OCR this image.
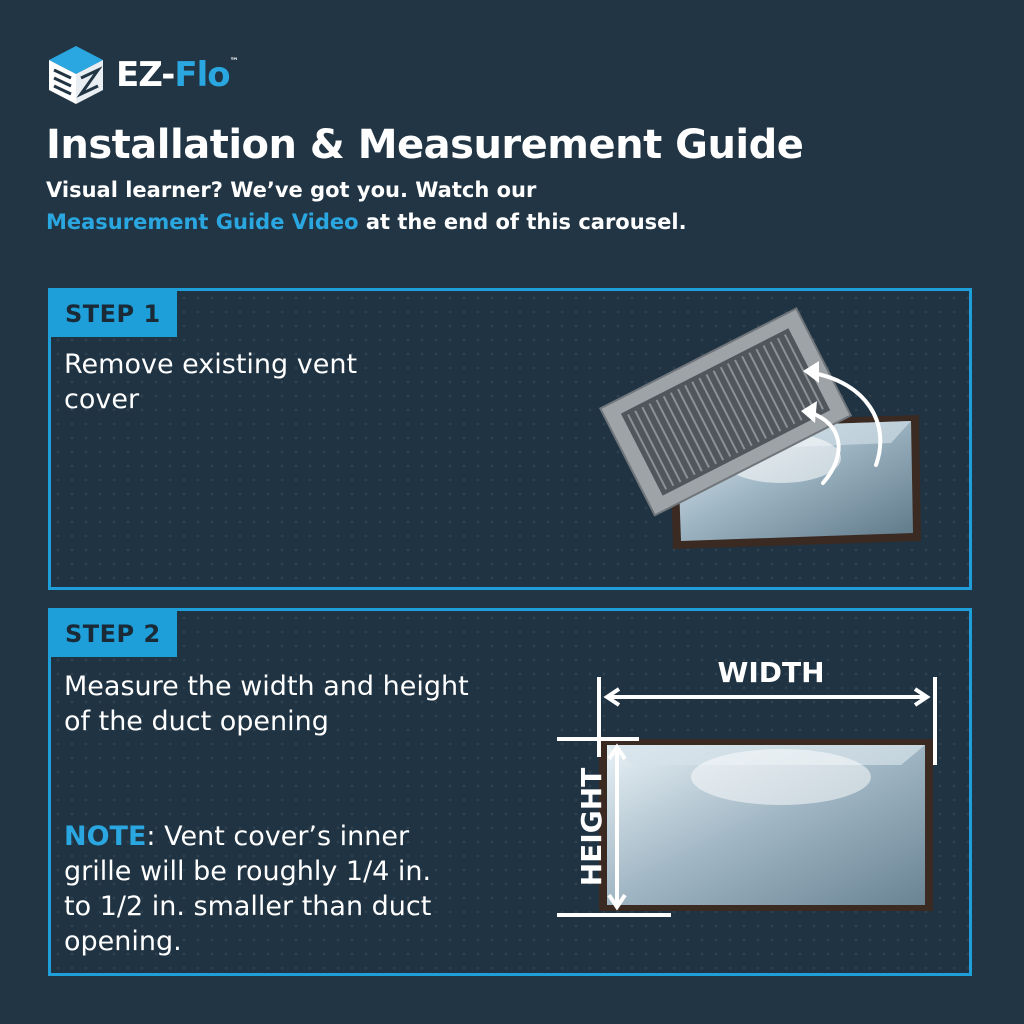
EZ-Flo™
Installation & Measurement Guide
Visual learner? We’ve got you. Watch our
Measurement Guide Video at the end of this carousel.
STEP 1
Remove existing vent cover
STEP 2
Measure the width and height of the duct opening
NOTE: Vent cover’s inner grille will be roughly 1/4 in. to 1/2 in. smaller than duct opening.
WIDTH
HEIGHT
